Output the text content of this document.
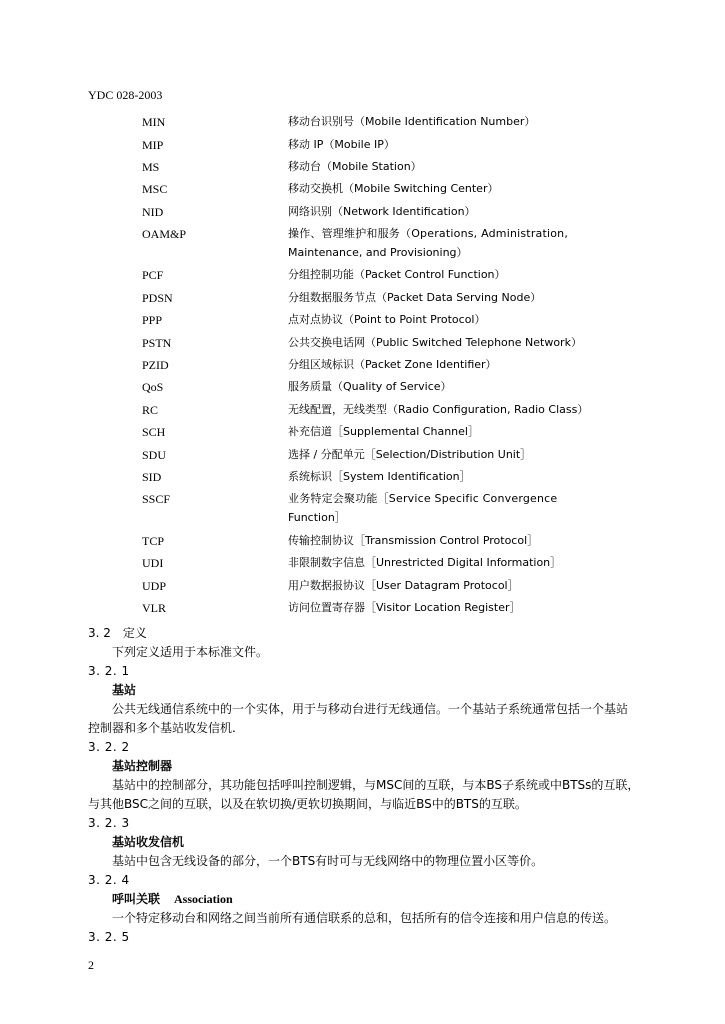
YDC 028-2003
MIN	移动台识别号（Mobile Identification Number）
MIP	移动 IP（Mobile IP）
MS	移动台（Mobile Station）
MSC	移动交换机（Mobile Switching Center）
NID	网络识别（Network Identification）
OAM&P	操作、管理维护和服务（Operations, Administration,
Maintenance, and Provisioning）
PCF	分组控制功能（Packet Control Function）
PDSN	分组数据服务节点（Packet Data Serving Node）
PPP	点对点协议（Point to Point Protocol）
PSTN	公共交换电话网（Public Switched Telephone Network）
PZID	分组区域标识（Packet Zone Identifier）
QoS	服务质量（Quality of Service）
RC	无线配置，无线类型（Radio Configuration, Radio Class）
SCH	补充信道［Supplemental Channel］
SDU	选择 / 分配单元［Selection/Distribution Unit］
SID	系统标识［System Identification］
SSCF	业务特定会聚功能［Service Specific Convergence
Function］
TCP	传输控制协议［Transmission Control Protocol］
UDI	非限制数字信息［Unrestricted Digital Information］
UDP	用户数据报协议［User Datagram Protocol］
VLR	访问位置寄存器［Visitor Location Register］
3. 2　定义
下列定义适用于本标准文件。
3. 2. 1
基站
公共无线通信系统中的一个实体，用于与移动台进行无线通信。一个基站子系统通常包括一个基站
控制器和多个基站收发信机.
3. 2. 2
基站控制器
基站中的控制部分，其功能包括呼叫控制逻辑，与MSC间的互联，与本BS子系统或中BTSs的互联，
与其他BSC之间的互联，以及在软切换/更软切换期间，与临近BS中的BTS的互联。
3. 2. 3
基站收发信机
基站中包含无线设备的部分，一个BTS有时可与无线网络中的物理位置小区等价。
3. 2. 4
呼叫关联 Association
一个特定移动台和网络之间当前所有通信联系的总和，包括所有的信令连接和用户信息的传送。
3. 2. 5
2
